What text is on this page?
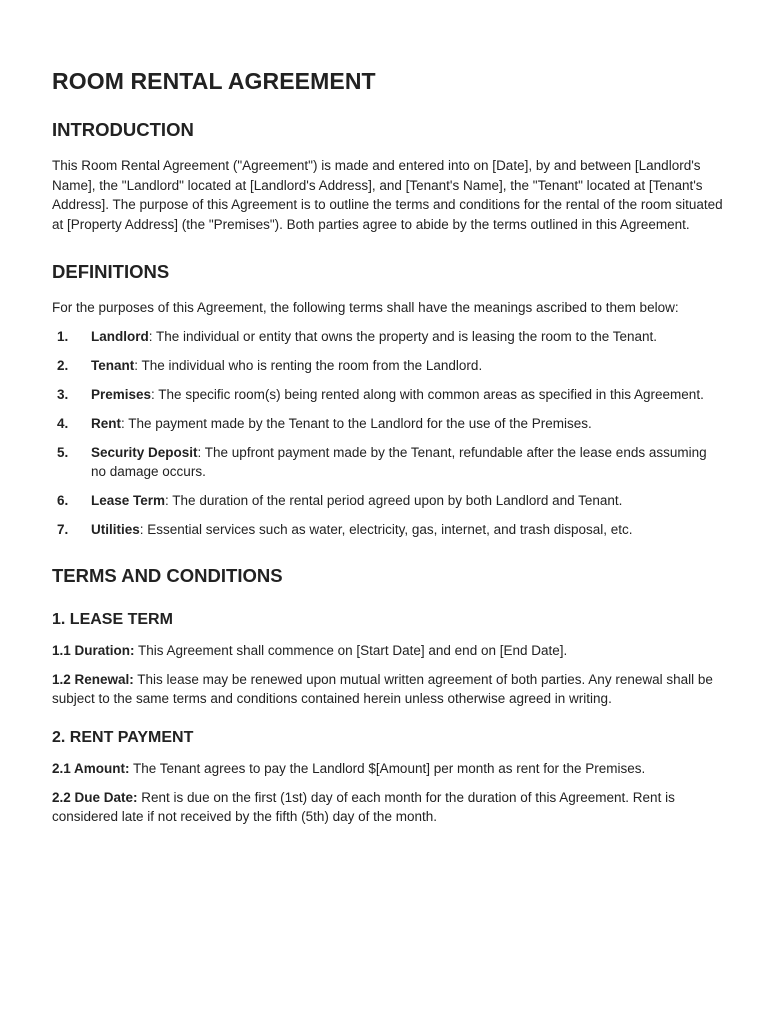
ROOM RENTAL AGREEMENT
INTRODUCTION

This Room Rental Agreement ("Agreement") is made and entered into on [Date], by and between [Landlord's Name], the "Landlord" located at [Landlord's Address], and [Tenant's Name], the "Tenant" located at [Tenant's Address]. The purpose of this Agreement is to outline the terms and conditions for the rental of the room situated at [Property Address] (the "Premises"). Both parties agree to abide by the terms outlined in this Agreement.

DEFINITIONS

For the purposes of this Agreement, the following terms shall have the meanings ascribed to them below:

1.	Landlord: The individual or entity that owns the property and is leasing the room to the Tenant.
2.	Tenant: The individual who is renting the room from the Landlord.
3.	Premises: The specific room(s) being rented along with common areas as specified in this Agreement.
4.	Rent: The payment made by the Tenant to the Landlord for the use of the Premises.
5.	Security Deposit: The upfront payment made by the Tenant, refundable after the lease ends assuming no damage occurs.
6.	Lease Term: The duration of the rental period agreed upon by both Landlord and Tenant.
7.	Utilities: Essential services such as water, electricity, gas, internet, and trash disposal, etc.
TERMS AND CONDITIONS
1. LEASE TERM

1.1 Duration: This Agreement shall commence on [Start Date] and end on [End Date].

1.2 Renewal: This lease may be renewed upon mutual written agreement of both parties. Any renewal shall be subject to the same terms and conditions contained herein unless otherwise agreed in writing.

2. RENT PAYMENT

2.1 Amount: The Tenant agrees to pay the Landlord $[Amount] per month as rent for the Premises.

2.2 Due Date: Rent is due on the first (1st) day of each month for the duration of this Agreement. Rent is considered late if not received by the fifth (5th) day of the month.
